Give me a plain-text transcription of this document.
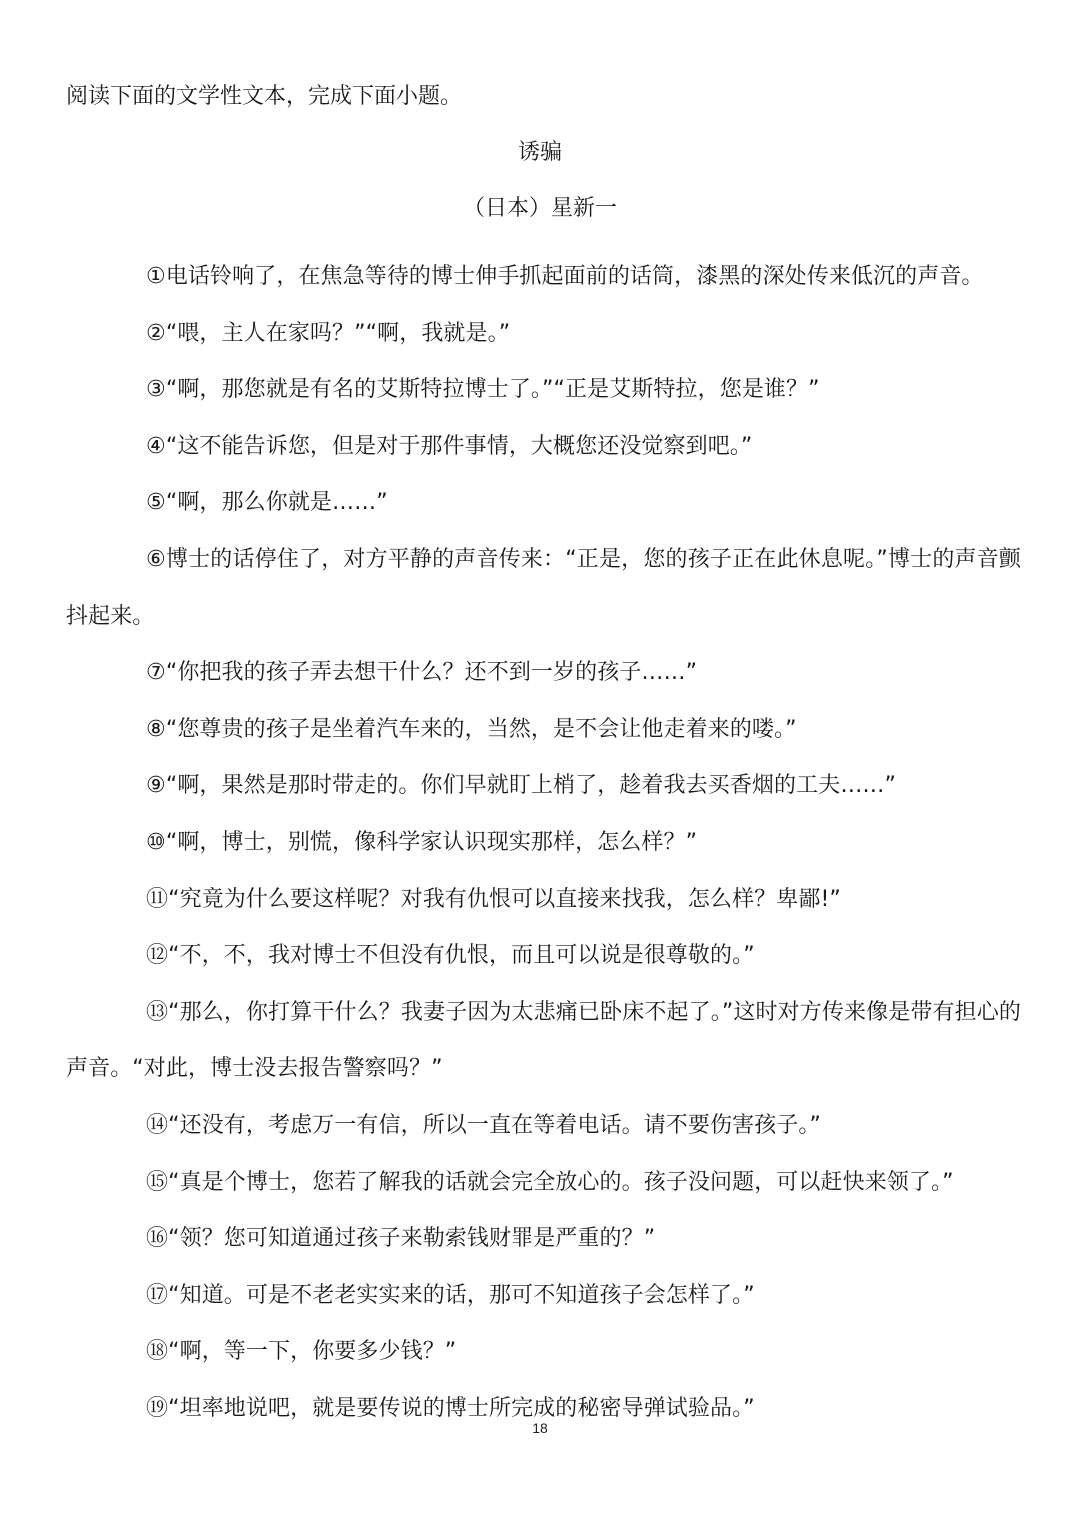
阅读下面的文学性文本，完成下面小题。
诱骗
（日本）星新一

①电话铃响了，在焦急等待的博士伸手抓起面前的话筒，漆黑的深处传来低沉的声音。

②“喂，主人在家吗？”“啊，我就是。”

③“啊，那您就是有名的艾斯特拉博士了。”“正是艾斯特拉，您是谁？”

④“这不能告诉您，但是对于那件事情，大概您还没觉察到吧。”

⑤“啊，那么你就是……”

⑥博士的话停住了，对方平静的声音传来：“正是，您的孩子正在此休息呢。”博士的声音颤抖起来。

⑦“你把我的孩子弄去想干什么？还不到一岁的孩子……”

⑧“您尊贵的孩子是坐着汽车来的，当然，是不会让他走着来的喽。”

⑨“啊，果然是那时带走的。你们早就盯上梢了，趁着我去买香烟的工夫……”

⑩“啊，博士，别慌，像科学家认识现实那样，怎么样？”

⑪“究竟为什么要这样呢？对我有仇恨可以直接来找我，怎么样？卑鄙!”

⑫“不，不，我对博士不但没有仇恨，而且可以说是很尊敬的。”

⑬“那么，你打算干什么？我妻子因为太悲痛已卧床不起了。”这时对方传来像是带有担心的声音。“对此，博士没去报告警察吗？”

⑭“还没有，考虑万一有信，所以一直在等着电话。请不要伤害孩子。”

⑮“真是个博士，您若了解我的话就会完全放心的。孩子没问题，可以赶快来领了。”

⑯“领？您可知道通过孩子来勒索钱财罪是严重的？”

⑰“知道。可是不老老实实来的话，那可不知道孩子会怎样了。”

⑱“啊，等一下，你要多少钱？”

⑲“坦率地说吧，就是要传说的博士所完成的秘密导弹试验品。”

18
